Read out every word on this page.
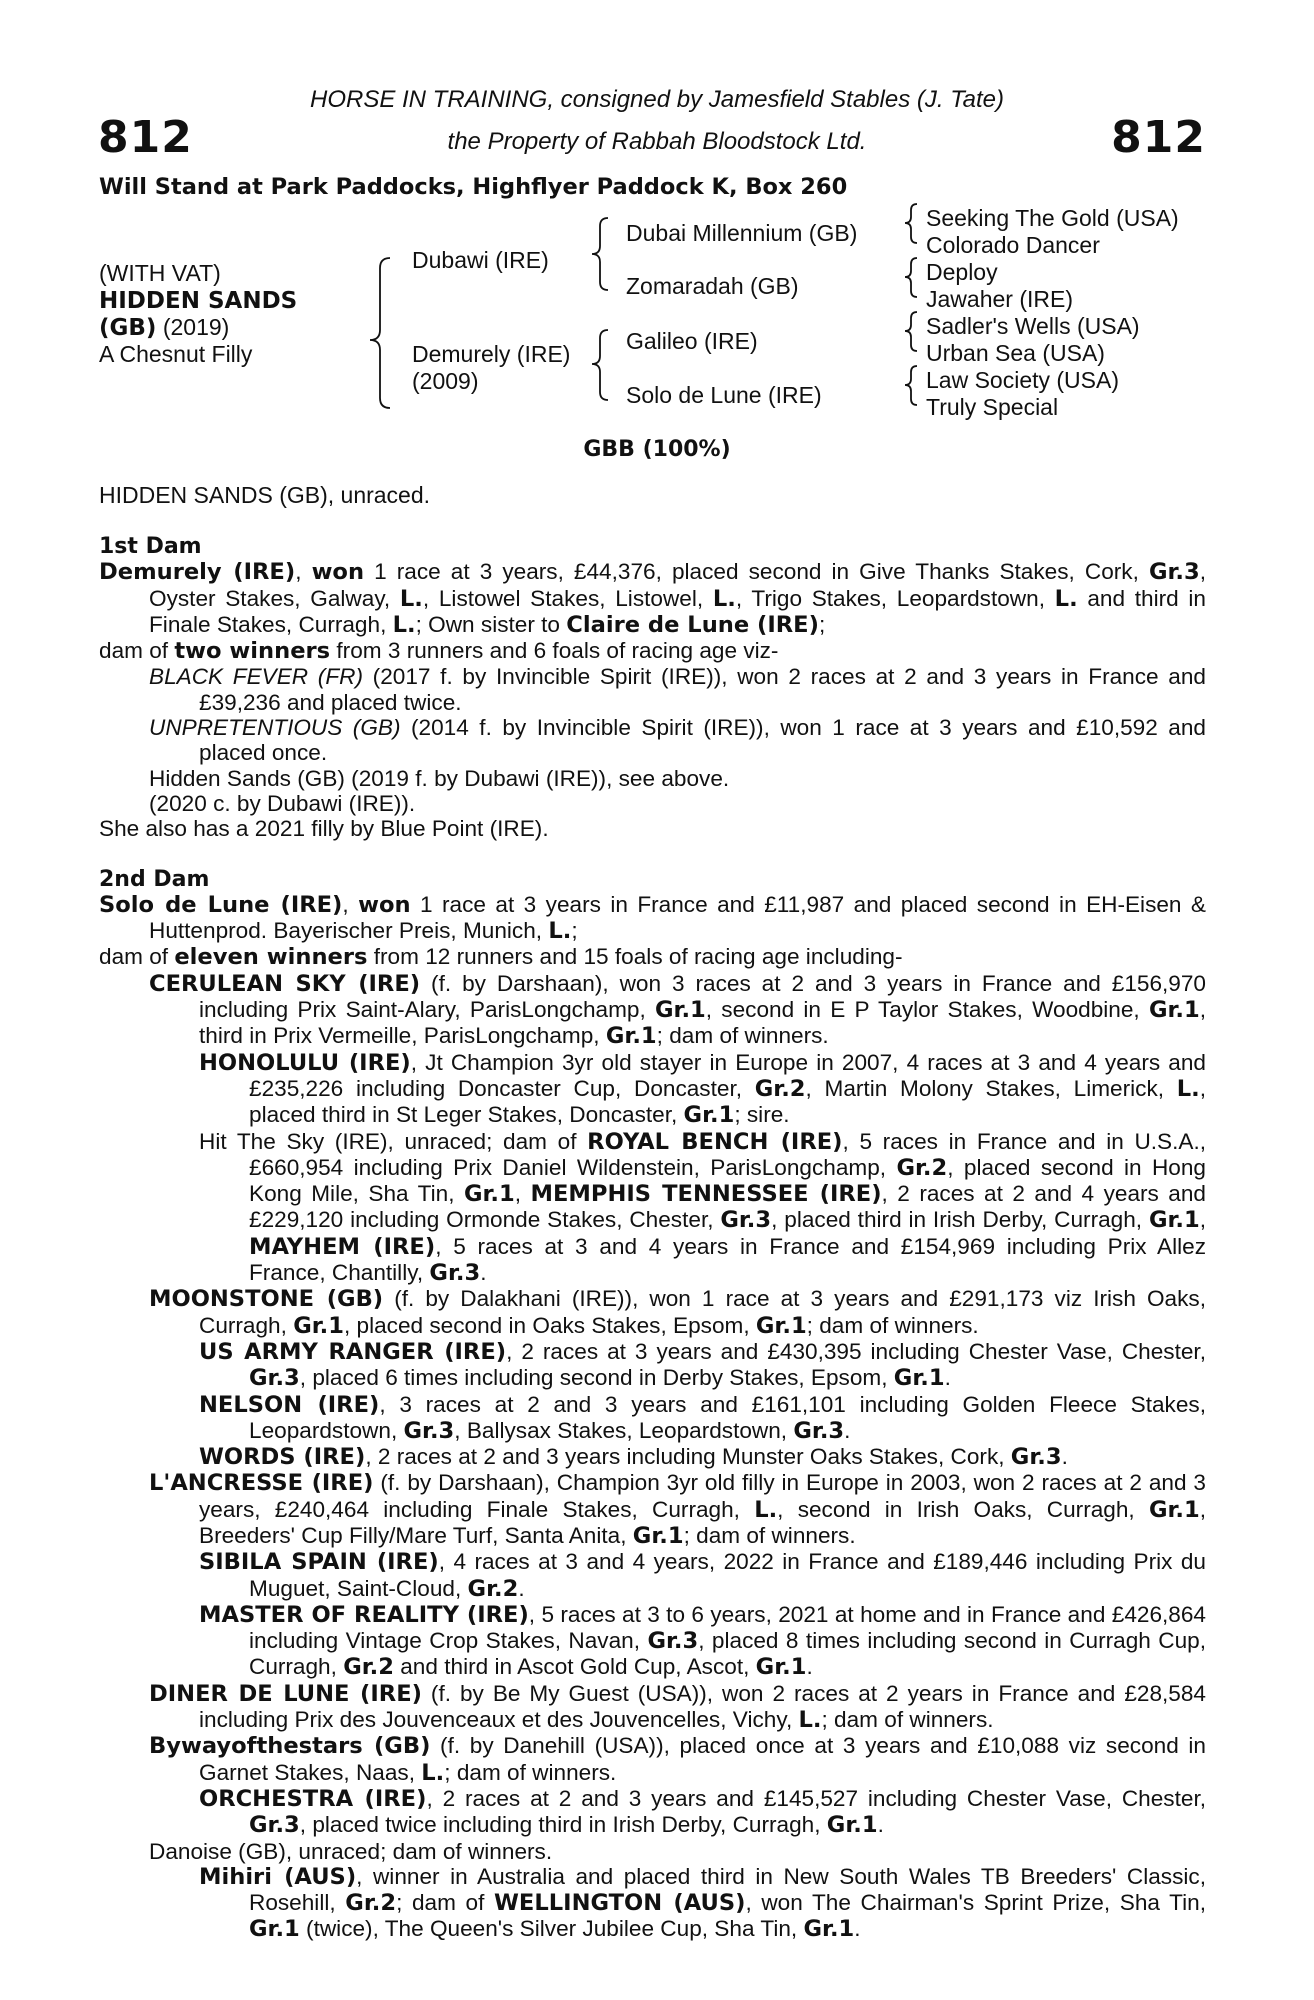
812	812
HORSE IN TRAINING, consigned by Jamesfield Stables (J. Tate)
the Property of Rabbah Bloodstock Ltd.
Will Stand at Park Paddocks, Highflyer Paddock K, Box 260
(WITH VAT)
HIDDEN SANDS
(GB) (2019)
A Chesnut Filly
Dubawi (IRE)
Demurely (IRE)
(2009)
Dubai Millennium (GB)
Zomaradah (GB)
Galileo (IRE)
Solo de Lune (IRE)
Seeking The Gold (USA)
Colorado Dancer
Deploy
Jawaher (IRE)
Sadler's Wells (USA)
Urban Sea (USA)
Law Society (USA)
Truly Special
GBB (100%)
HIDDEN SANDS (GB), unraced.

1st Dam

Demurely (IRE), won 1 race at 3 years, £44,376, placed second in Give Thanks Stakes, Cork, Gr.3, Oyster Stakes, Galway, L., Listowel Stakes, Listowel, L., Trigo Stakes, Leopardstown, L. and third in Finale Stakes, Curragh, L.; Own sister to Claire de Lune (IRE);

dam of two winners from 3 runners and 6 foals of racing age viz-

BLACK FEVER (FR) (2017 f. by Invincible Spirit (IRE)), won 2 races at 2 and 3 years in France and £39,236 and placed twice.

UNPRETENTIOUS (GB) (2014 f. by Invincible Spirit (IRE)), won 1 race at 3 years and £10,592 and placed once.

Hidden Sands (GB) (2019 f. by Dubawi (IRE)), see above.

(2020 c. by Dubawi (IRE)).

She also has a 2021 filly by Blue Point (IRE).

2nd Dam

Solo de Lune (IRE), won 1 race at 3 years in France and £11,987 and placed second in EH-Eisen & Huttenprod. Bayerischer Preis, Munich, L.;

dam of eleven winners from 12 runners and 15 foals of racing age including-

CERULEAN SKY (IRE) (f. by Darshaan), won 3 races at 2 and 3 years in France and £156,970 including Prix Saint-Alary, ParisLongchamp, Gr.1, second in E P Taylor Stakes, Woodbine, Gr.1, third in Prix Vermeille, ParisLongchamp, Gr.1; dam of winners.

HONOLULU (IRE), Jt Champion 3yr old stayer in Europe in 2007, 4 races at 3 and 4 years and £235,226 including Doncaster Cup, Doncaster, Gr.2, Martin Molony Stakes, Limerick, L., placed third in St Leger Stakes, Doncaster, Gr.1; sire.

Hit The Sky (IRE), unraced; dam of ROYAL BENCH (IRE), 5 races in France and in U.S.A., £660,954 including Prix Daniel Wildenstein, ParisLongchamp, Gr.2, placed second in Hong Kong Mile, Sha Tin, Gr.1, MEMPHIS TENNESSEE (IRE), 2 races at 2 and 4 years and £229,120 including Ormonde Stakes, Chester, Gr.3, placed third in Irish Derby, Curragh, Gr.1, MAYHEM (IRE), 5 races at 3 and 4 years in France and £154,969 including Prix Allez France, Chantilly, Gr.3.

MOONSTONE (GB) (f. by Dalakhani (IRE)), won 1 race at 3 years and £291,173 viz Irish Oaks, Curragh, Gr.1, placed second in Oaks Stakes, Epsom, Gr.1; dam of winners.

US ARMY RANGER (IRE), 2 races at 3 years and £430,395 including Chester Vase, Chester, Gr.3, placed 6 times including second in Derby Stakes, Epsom, Gr.1.

NELSON (IRE), 3 races at 2 and 3 years and £161,101 including Golden Fleece Stakes, Leopardstown, Gr.3, Ballysax Stakes, Leopardstown, Gr.3.

WORDS (IRE), 2 races at 2 and 3 years including Munster Oaks Stakes, Cork, Gr.3.

L'ANCRESSE (IRE) (f. by Darshaan), Champion 3yr old filly in Europe in 2003, won 2 races at 2 and 3 years, £240,464 including Finale Stakes, Curragh, L., second in Irish Oaks, Curragh, Gr.1, Breeders' Cup Filly/Mare Turf, Santa Anita, Gr.1; dam of winners.

SIBILA SPAIN (IRE), 4 races at 3 and 4 years, 2022 in France and £189,446 including Prix du Muguet, Saint-Cloud, Gr.2.

MASTER OF REALITY (IRE), 5 races at 3 to 6 years, 2021 at home and in France and £426,864 including Vintage Crop Stakes, Navan, Gr.3, placed 8 times including second in Curragh Cup, Curragh, Gr.2 and third in Ascot Gold Cup, Ascot, Gr.1.

DINER DE LUNE (IRE) (f. by Be My Guest (USA)), won 2 races at 2 years in France and £28,584 including Prix des Jouvenceaux et des Jouvencelles, Vichy, L.; dam of winners.

Bywayofthestars (GB) (f. by Danehill (USA)), placed once at 3 years and £10,088 viz second in Garnet Stakes, Naas, L.; dam of winners.

ORCHESTRA (IRE), 2 races at 2 and 3 years and £145,527 including Chester Vase, Chester, Gr.3, placed twice including third in Irish Derby, Curragh, Gr.1.

Danoise (GB), unraced; dam of winners.

Mihiri (AUS), winner in Australia and placed third in New South Wales TB Breeders' Classic, Rosehill, Gr.2; dam of WELLINGTON (AUS), won The Chairman's Sprint Prize, Sha Tin, Gr.1 (twice), The Queen's Silver Jubilee Cup, Sha Tin, Gr.1.
